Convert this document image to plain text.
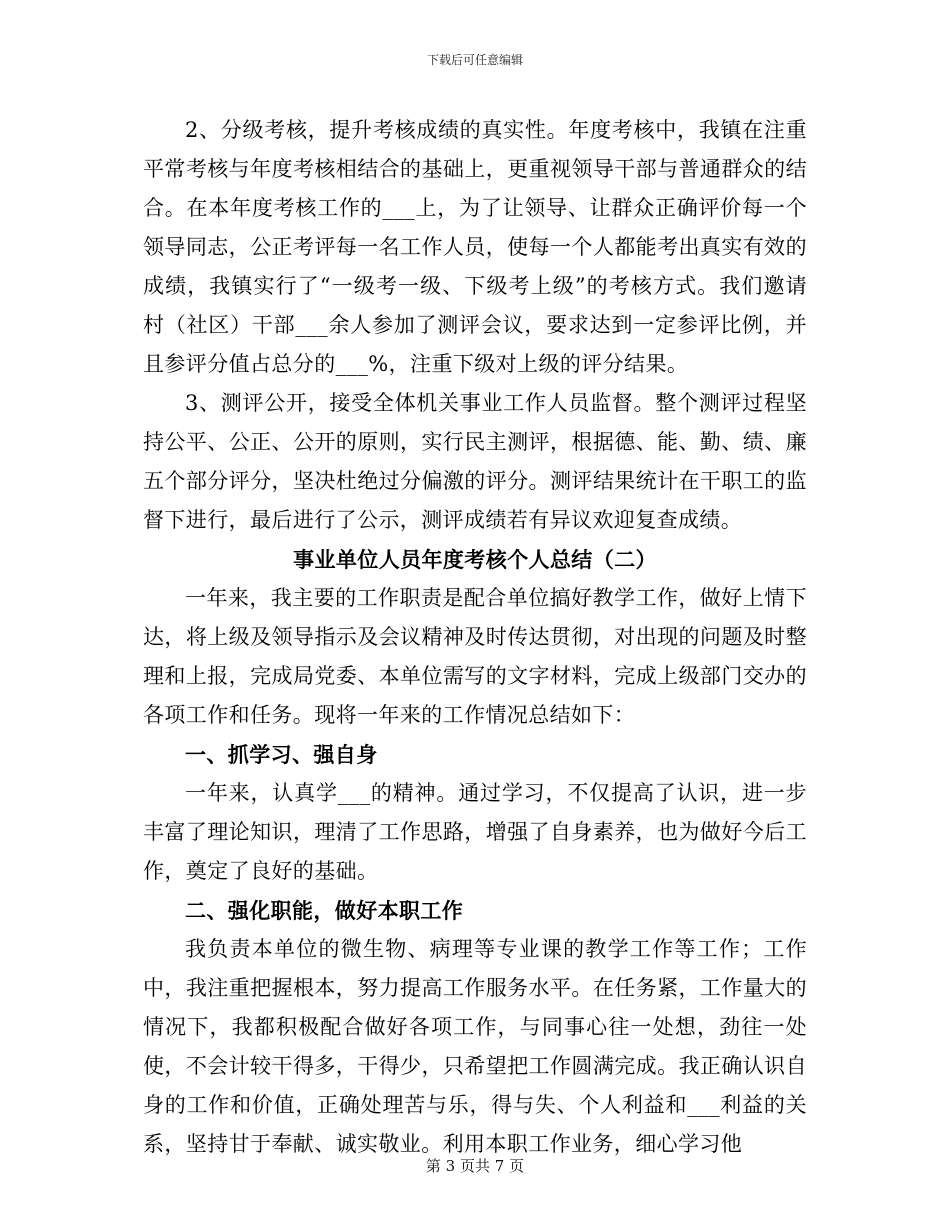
下载后可任意编辑

2、分级考核，提升考核成绩的真实性。年度考核中，我镇在注重平常考核与年度考核相结合的基础上，更重视领导干部与普通群众的结合。在本年度考核工作的___上，为了让领导、让群众正确评价每一个领导同志，公正考评每一名工作人员，使每一个人都能考出真实有效的成绩，我镇实行了“一级考一级、下级考上级”的考核方式。我们邀请村（社区）干部___余人参加了测评会议，要求达到一定参评比例，并且参评分值占总分的___%，注重下级对上级的评分结果。

3、测评公开，接受全体机关事业工作人员监督。整个测评过程坚持公平、公正、公开的原则，实行民主测评，根据德、能、勤、绩、廉五个部分评分，坚决杜绝过分偏激的评分。测评结果统计在干职工的监督下进行，最后进行了公示，测评成绩若有异议欢迎复查成绩。

事业单位人员年度考核个人总结（二）

一年来，我主要的工作职责是配合单位搞好教学工作，做好上情下达，将上级及领导指示及会议精神及时传达贯彻，对出现的问题及时整理和上报，完成局党委、本单位需写的文字材料，完成上级部门交办的各项工作和任务。现将一年来的工作情况总结如下：

一、抓学习、强自身

一年来，认真学___的精神。通过学习，不仅提高了认识，进一步丰富了理论知识，理清了工作思路，增强了自身素养，也为做好今后工作，奠定了良好的基础。

二、强化职能，做好本职工作

我负责本单位的微生物、病理等专业课的教学工作等工作；工作中，我注重把握根本，努力提高工作服务水平。在任务紧，工作量大的情况下，我都积极配合做好各项工作，与同事心往一处想，劲往一处使，不会计较干得多，干得少，只希望把工作圆满完成。我正确认识自身的工作和价值，正确处理苦与乐，得与失、个人利益和___利益的关系，坚持甘于奉献、诚实敬业。利用本职工作业务，细心学习他

第 3 页共 7 页
